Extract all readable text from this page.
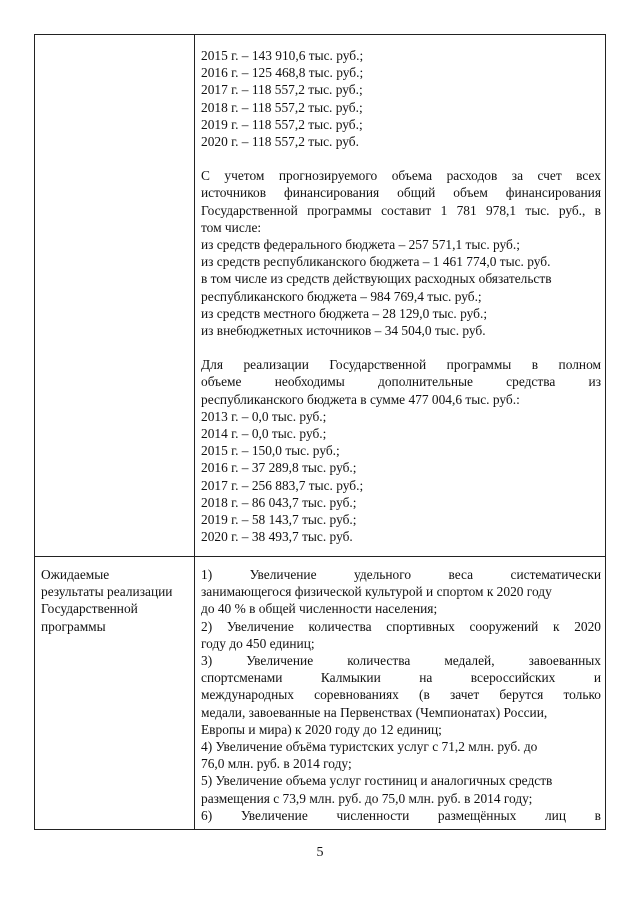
2015 г. – 143 910,6 тыс. руб.;
2016 г. – 125 468,8 тыс. руб.;
2017 г. – 118 557,2 тыс. руб.;
2018 г. – 118 557,2 тыс. руб.;
2019 г. – 118 557,2 тыс. руб.;
2020 г. – 118 557,2 тыс. руб.
С учетом прогнозируемого объема расходов за счет всех
источников финансирования общий объем финансирования
Государственной программы составит 1 781 978,1 тыс. руб., в
том числе:
из средств федерального бюджета – 257 571,1 тыс. руб.;
из средств республиканского бюджета – 1 461 774,0 тыс. руб.
в том числе из средств действующих расходных обязательств
республиканского бюджета – 984 769,4 тыс. руб.;
из средств местного бюджета – 28 129,0 тыс. руб.;
из внебюджетных источников – 34 504,0 тыс. руб.
Для реализации Государственной программы в полном
объеме необходимы дополнительные средства из
республиканского бюджета в сумме 477 004,6 тыс. руб.:
2013 г. – 0,0 тыс. руб.;
2014 г. – 0,0 тыс. руб.;
2015 г. – 150,0 тыс. руб.;
2016 г. – 37 289,8 тыс. руб.;
2017 г. – 256 883,7 тыс. руб.;
2018 г. – 86 043,7 тыс. руб.;
2019 г. – 58 143,7 тыс. руб.;
2020 г. – 38 493,7 тыс. руб.
Ожидаемые
результаты реализации
Государственной
программы
1) Увеличение удельного веса систематически
занимающегося физической культурой и спортом к 2020 году
до 40 % в общей численности населения;
2) Увеличение количества спортивных сооружений к 2020
году до 450 единиц;
3) Увеличение количества медалей, завоеванных
спортсменами Калмыкии на всероссийских и
международных соревнованиях (в зачет берутся только
медали, завоеванные на Первенствах (Чемпионатах) России,
Европы и мира) к 2020 году до 12 единиц;
4) Увеличение объёма туристских услуг с 71,2 млн. руб. до
76,0 млн. руб. в 2014 году;
5) Увеличение объема услуг гостиниц и аналогичных средств
размещения с 73,9 млн. руб. до 75,0 млн. руб. в 2014 году;
6) Увеличение численности размещённых лиц в
5
